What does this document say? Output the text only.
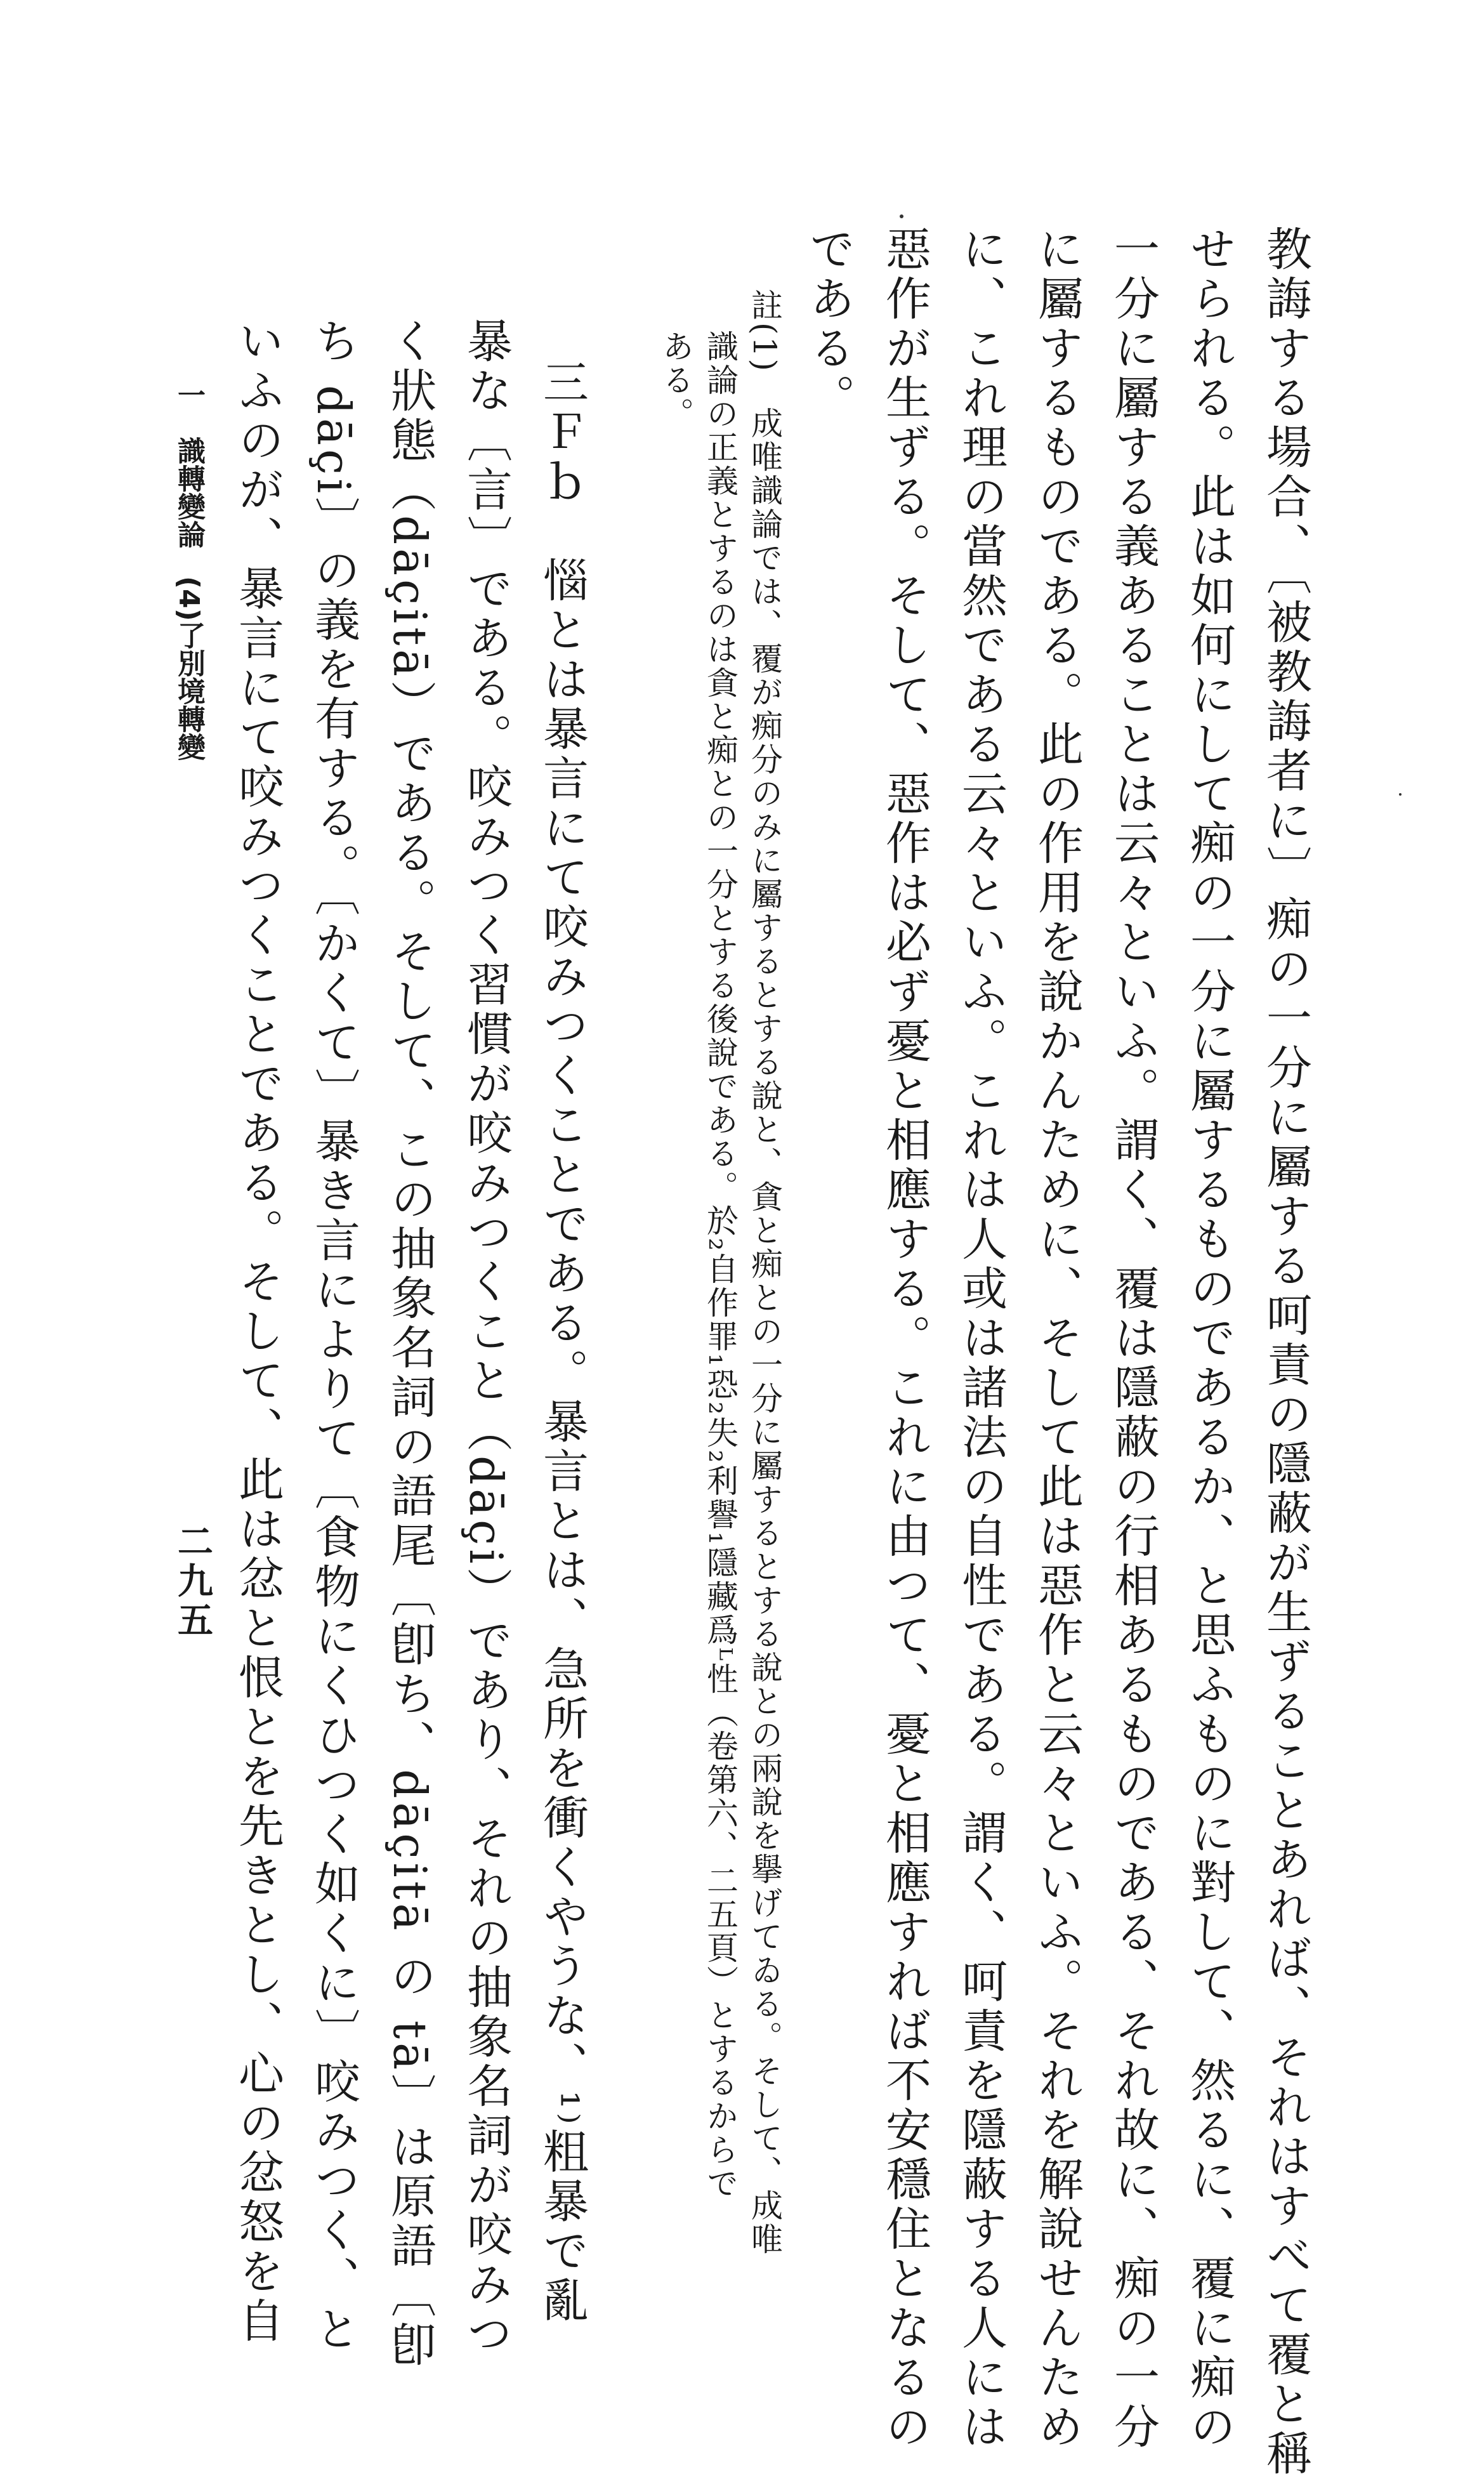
教誨する場合、〔被教誨者に〕痴の一分に屬する呵責の隱蔽が生ずることあれば、それはすべて覆と稱
せられる。此は如何にして痴の一分に屬するものであるか、と思ふものに對して、然るに、覆に痴の
一分に屬する義あることは云々といふ。謂く、覆は隱蔽の行相あるものである、それ故に、痴の一分
に屬するものである。此の作用を說かんために、そして此は惡作と云々といふ。それを解說せんため
に、これ理の當然である云々といふ。これは人或は諸法の自性である。謂く、呵責を隱蔽する人には
惡作が生ずる。そして、惡作は必ず憂と相應する。これに由つて、憂と相應すれば不安穩住となるの
である。
註(1)　成唯識論では、覆が痴分のみに屬するとする說と、貪と痴との一分に屬するとする說との兩說を擧げてゐる。そして、成唯
識論の正義とするのは貪と痴との一分とする後說である。於₂自作罪₁恐₂失₂利譽₁隱藏爲ᴸ性（卷第六、二五頁）とするからで
ある。
三Ｆｂ　惱とは暴言にて咬みつくことである。暴言とは、急所を衝くやうな、¹⁾粗暴で亂
暴な〔言〕である。咬みつく習慣が咬みつくこと（dāçi）であり、それの抽象名詞が咬みつ
く狀態（dāçitā）である。そして、この抽象名詞の語尾〔卽ち、dāçitā の tā〕は原語〔卽
ち dāçi〕の義を有する。〔かくて〕暴き言によりて〔食物にくひつく如くに〕咬みつく、と
いふのが、暴言にて咬みつくことである。そして、此は忿と恨とを先きとし、心の忿怒を自
一　識轉變論　(4)了別境轉變
二九五
